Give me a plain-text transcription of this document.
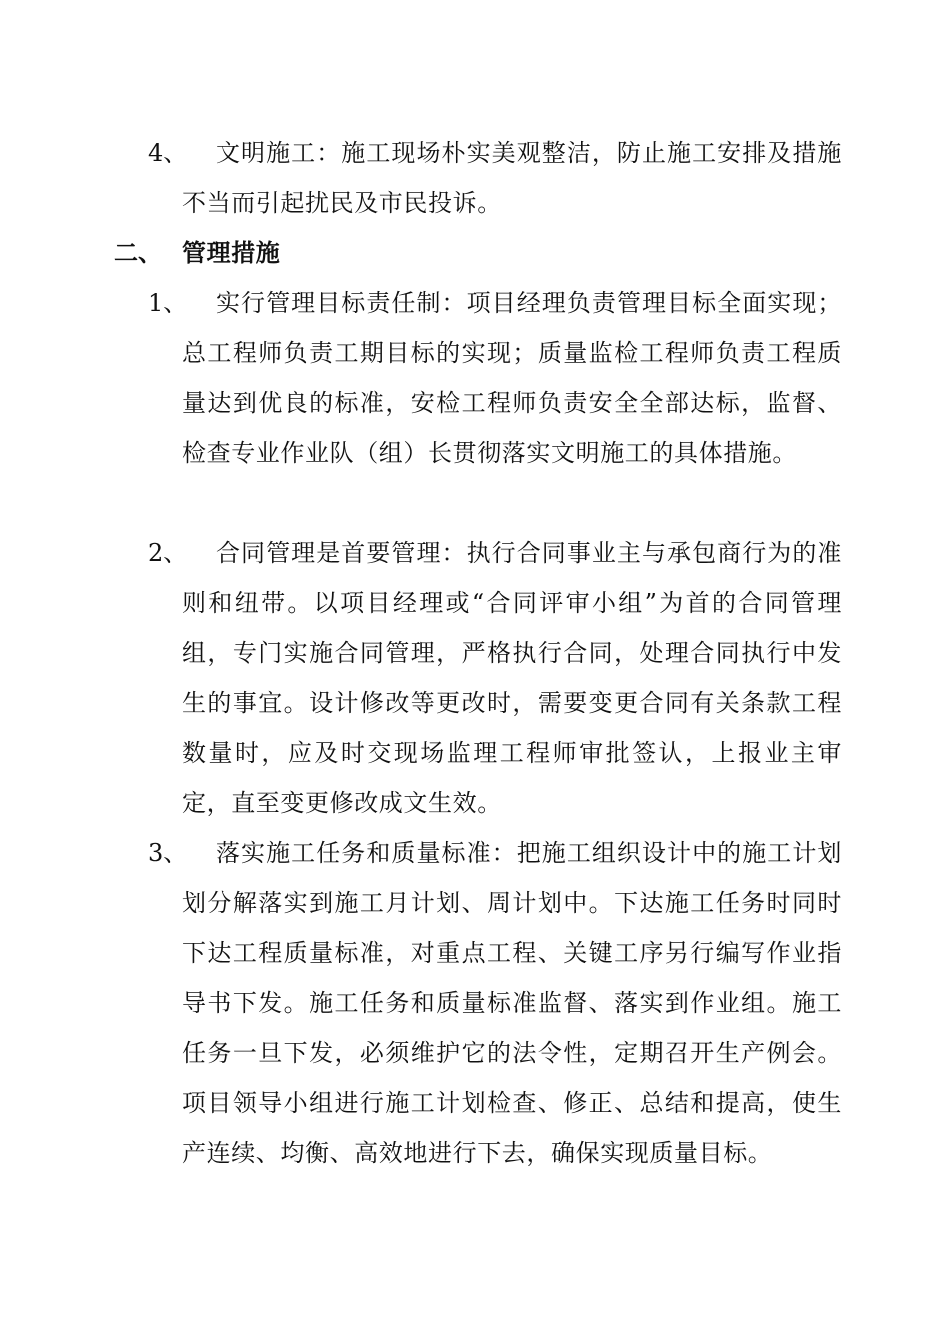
4、	文明施工：施工现场朴实美观整洁，防止施工安排及措施不当而引起扰民及市民投诉。

二、 管理措施
1、	实行管理目标责任制：项目经理负责管理目标全面实现；总工程师负责工期目标的实现；质量监检工程师负责工程质量达到优良的标准，安检工程师负责安全全部达标，监督、检查专业作业队（组）长贯彻落实文明施工的具体措施。

2、	合同管理是首要管理：执行合同事业主与承包商行为的准则和纽带。以项目经理或“合同评审小组”为首的合同管理组，专门实施合同管理，严格执行合同，处理合同执行中发生的事宜。设计修改等更改时，需要变更合同有关条款工程数量时，应及时交现场监理工程师审批签认，上报业主审定，直至变更修改成文生效。

3、	落实施工任务和质量标准：把施工组织设计中的施工计划划分解落实到施工月计划、周计划中。下达施工任务时同时下达工程质量标准，对重点工程、关键工序另行编写作业指导书下发。施工任务和质量标准监督、落实到作业组。施工任务一旦下发，必须维护它的法令性，定期召开生产例会。项目领导小组进行施工计划检查、修正、总结和提高，使生产连续、均衡、高效地进行下去，确保实现质量目标。
